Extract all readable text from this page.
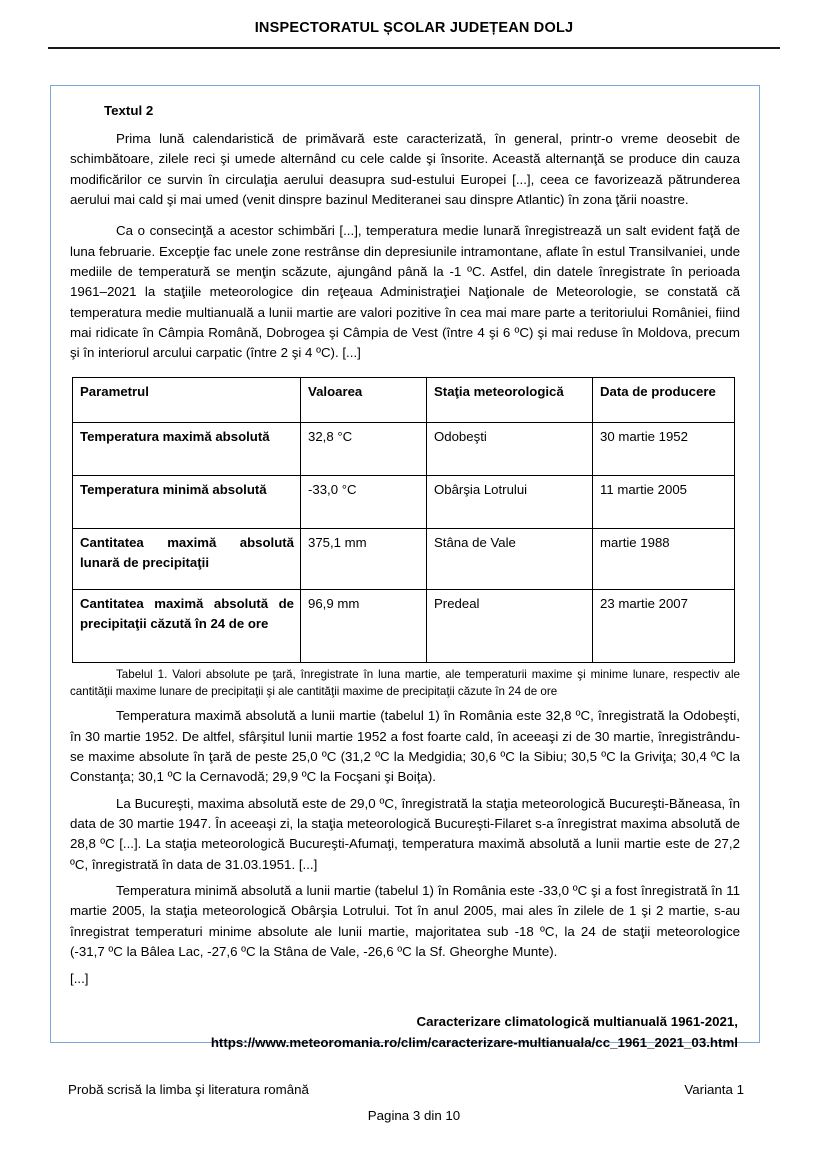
INSPECTORATUL ȘCOLAR JUDEȚEAN DOLJ
Textul 2

Prima lună calendaristică de primăvară este caracterizată, în general, printr-o vreme deosebit de schimbătoare, zilele reci şi umede alternând cu cele calde şi însorite. Această alternanţă se produce din cauza modificărilor ce survin în circulaţia aerului deasupra sud-estului Europei [...], ceea ce favorizează pătrunderea aerului mai cald şi mai umed (venit dinspre bazinul Mediteranei sau dinspre Atlantic) în zona ţării noastre.

Ca o consecinţă a acestor schimbări [...], temperatura medie lunară înregistrează un salt evident faţă de luna februarie. Excepţie fac unele zone restrânse din depresiunile intramontane, aflate în estul Transilvaniei, unde mediile de temperatură se menţin scăzute, ajungând până la -1 ºC. Astfel, din datele înregistrate în perioada 1961–2021 la staţiile meteorologice din reţeaua Administraţiei Naţionale de Meteorologie, se constată că temperatura medie multianuală a lunii martie are valori pozitive în cea mai mare parte a teritoriului României, fiind mai ridicate în Câmpia Română, Dobrogea şi Câmpia de Vest (între 4 şi 6 ºC) şi mai reduse în Moldova, precum şi în interiorul arcului carpatic (între 2 şi 4 ºC). [...]

Parametrul	Valoarea	Staţia meteorologică	Data de producere
Temperatura maximă absolută	32,8 °C	Odobeşti	30 martie 1952
Temperatura minimă absolută	-33,0 °C	Obârşia Lotrului	11 martie 2005
Cantitatea maximă absolută lunară de precipitaţii	375,1 mm	Stâna de Vale	martie 1988
Cantitatea maximă absolută de precipitaţii căzută în 24 de ore	96,9 mm	Predeal	23 martie 2007

Tabelul 1. Valori absolute pe ţară, înregistrate în luna martie, ale temperaturii maxime şi minime lunare, respectiv ale cantităţii maxime lunare de precipitaţii şi ale cantităţii maxime de precipitaţii căzute în 24 de ore

Temperatura maximă absolută a lunii martie (tabelul 1) în România este 32,8 ºC, înregistrată la Odobeşti, în 30 martie 1952. De altfel, sfârşitul lunii martie 1952 a fost foarte cald, în aceeaşi zi de 30 martie, înregistrându-se maxime absolute în ţară de peste 25,0 ºC (31,2 ºC la Medgidia; 30,6 ºC la Sibiu; 30,5 ºC la Griviţa; 30,4 ºC la Constanţa; 30,1 ºC la Cernavodă; 29,9 ºC la Focşani şi Boiţa).

La Bucureşti, maxima absolută este de 29,0 ºC, înregistrată la staţia meteorologică Bucureşti-Băneasa, în data de 30 martie 1947. În aceeaşi zi, la staţia meteorologică Bucureşti-Filaret s-a înregistrat maxima absolută de 28,8 ºC [...]. La staţia meteorologică Bucureşti-Afumaţi, temperatura maximă absolută a lunii martie este de 27,2 ºC, înregistrată în data de 31.03.1951. [...]

Temperatura minimă absolută a lunii martie (tabelul 1) în România este -33,0 ºC şi a fost înregistrată în 11 martie 2005, la staţia meteorologică Obârşia Lotrului. Tot în anul 2005, mai ales în zilele de 1 şi 2 martie, s-au înregistrat temperaturi minime absolute ale lunii martie, majoritatea sub -18 ºC, la 24 de staţii meteorologice (-31,7 ºC la Bâlea Lac, -27,6 ºC la Stâna de Vale, -26,6 ºC la Sf. Gheorghe Munte).

[...]

Caracterizare climatologică multianuală 1961-2021,
https://www.meteoromania.ro/clim/caracterizare-multianuala/cc_1961_2021_03.html
Probă scrisă la limba şi literatura română	Varianta 1
Pagina 3 din 10
